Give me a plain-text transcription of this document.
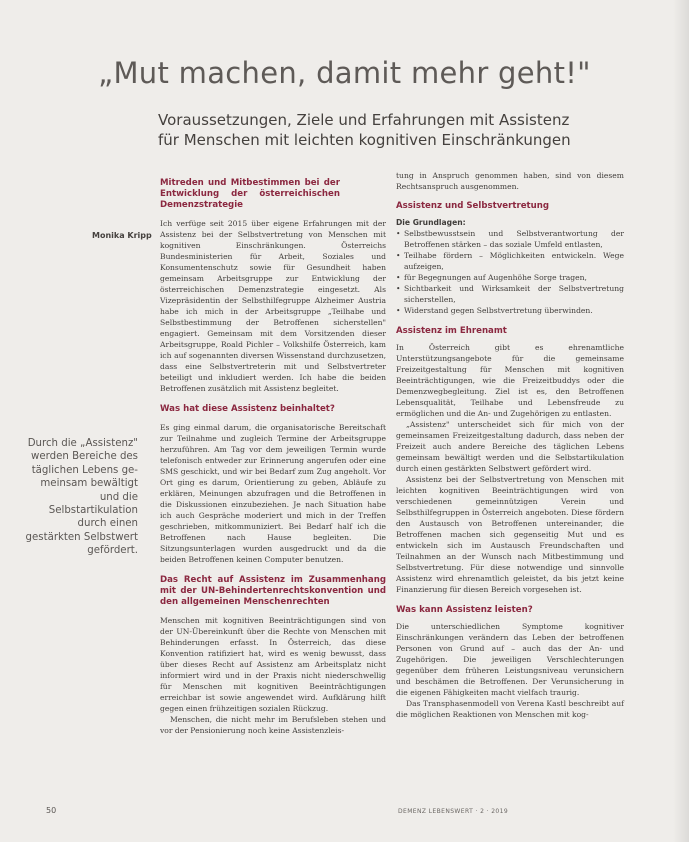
„Mut machen, damit mehr geht!"
Voraussetzungen, Ziele und Erfahrungen mit Assistenz
für Menschen mit leichten kognitiven Einschränkungen
Monika Kripp
Durch die „Assistenz" werden Bereiche des täglichen Lebens ge-meinsam bewältigt und die Selbstartikulation durch einen gestärkten Selbstwert gefördert.
Mitreden und Mitbestimmen bei der Entwicklung der österreichischen Demenzstrategie

Ich verfüge seit 2015 über eigene Erfahrungen mit der Assistenz bei der Selbstvertretung von Menschen mit kognitiven Einschränkungen. Österreichs Bundesministerien für Arbeit, Soziales und Konsumentenschutz sowie für Gesundheit haben gemeinsam Arbeitsgruppe zur Entwicklung der österreichischen Demenzstrategie eingesetzt. Als Vizepräsidentin der Selbsthilfegruppe Alzheimer Austria habe ich mich in der Arbeitsgruppe „Teilhabe und Selbstbestimmung der Betroffenen sicherstellen" engagiert. Gemeinsam mit dem Vorsitzenden dieser Arbeitsgruppe, Roald Pichler – Volkshilfe Österreich, kam ich auf sogenannten diversen Wissenstand durchzusetzen, dass eine Selbstvertreterin mit und Selbstvertreter beteiligt und inkludiert werden. Ich habe die beiden Betroffenen zusätzlich mit Assistenz begleitet.

Was hat diese Assistenz beinhaltet?

Es ging einmal darum, die organisatorische Bereitschaft zur Teilnahme und zugleich Termine der Arbeitsgruppe herzuführen. Am Tag vor dem jeweiligen Termin wurde telefonisch entweder zur Erinnerung angerufen oder eine SMS geschickt, und wir bei Bedarf zum Zug angeholt. Vor Ort ging es darum, Orientierung zu geben, Abläufe zu erklären, Meinungen abzufragen und die Betroffenen in die Diskussionen einzubeziehen. Je nach Situation habe ich auch Gespräche moderiert und mich in der Treffen geschrieben, mitkommuniziert. Bei Bedarf half ich die Betroffenen nach Hause begleiten. Die Sitzungsunterlagen wurden ausgedruckt und da die beiden Betroffenen keinen Computer benutzen.

Das Recht auf Assistenz im Zusammenhang mit der UN-Behindertenrechtskonvention und den allgemeinen Menschenrechten

Menschen mit kognitiven Beeinträchtigungen sind von der UN-Übereinkunft über die Rechte von Menschen mit Behinderungen erfasst. In Österreich, das diese Konvention ratifiziert hat, wird es wenig bewusst, dass über dieses Recht auf Assistenz am Arbeitsplatz nicht informiert wird und in der Praxis nicht niederschwellig für Menschen mit kognitiven Beeinträchtigungen erreichbar ist sowie angewendet wird. Aufklärung hilft gegen einen frühzeitigen sozialen Rückzug.

Menschen, die nicht mehr im Berufsleben stehen und vor der Pensionierung noch keine Assistenzleis-

tung in Anspruch genommen haben, sind von diesem Rechtsanspruch ausgenommen.

Assistenz und Selbstvertretung
Die Grundlagen:
• Selbstbewusstsein und Selbstverantwortung der Betroffenen stärken – das soziale Umfeld entlasten,
• Teilhabe fördern – Möglichkeiten entwickeln. Wege aufzeigen,
• für Begegnungen auf Augenhöhe Sorge tragen,
• Sichtbarkeit und Wirksamkeit der Selbstvertretung sicherstellen,
• Widerstand gegen Selbstvertretung überwinden.
Assistenz im Ehrenamt

In Österreich gibt es ehrenamtliche Unterstützungsangebote für die gemeinsame Freizeitgestaltung für Menschen mit kognitiven Beeinträchtigungen, wie die Freizeitbuddys oder die Demenzwegbegleitung. Ziel ist es, den Betroffenen Lebensqualität, Teilhabe und Lebensfreude zu ermöglichen und die An- und Zugehörigen zu entlasten.

„Assistenz" unterscheidet sich für mich von der gemeinsamen Freizeitgestaltung dadurch, dass neben der Freizeit auch andere Bereiche des täglichen Lebens gemeinsam bewältigt werden und die Selbstartikulation durch einen gestärkten Selbstwert gefördert wird.

Assistenz bei der Selbstvertretung von Menschen mit leichten kognitiven Beeinträchtigungen wird von verschiedenen gemeinnützigen Verein und Selbsthilfegruppen in Österreich angeboten. Diese fördern den Austausch von Betroffenen untereinander, die Betroffenen machen sich gegenseitig Mut und es entwickeln sich im Austausch Freundschaften und Teilnahmen an der Wunsch nach Mitbestimmung und Selbstvertretung. Für diese notwendige und sinnvolle Assistenz wird ehrenamtlich geleistet, da bis jetzt keine Finanzierung für diesen Bereich vorgesehen ist.

Was kann Assistenz leisten?

Die unterschiedlichen Symptome kognitiver Einschränkungen verändern das Leben der betroffenen Personen von Grund auf – auch das der An- und Zugehörigen. Die jeweiligen Verschlechterungen gegenüber dem früheren Leistungsniveau verunsichern und beschämen die Betroffenen. Der Verunsicherung in die eigenen Fähigkeiten macht vielfach traurig.

Das Transphasenmodell von Verena Kastl beschreibt auf die möglichen Reaktionen von Menschen mit kog-

50	DEMENZ LEBENSWERT · 2 · 2019
